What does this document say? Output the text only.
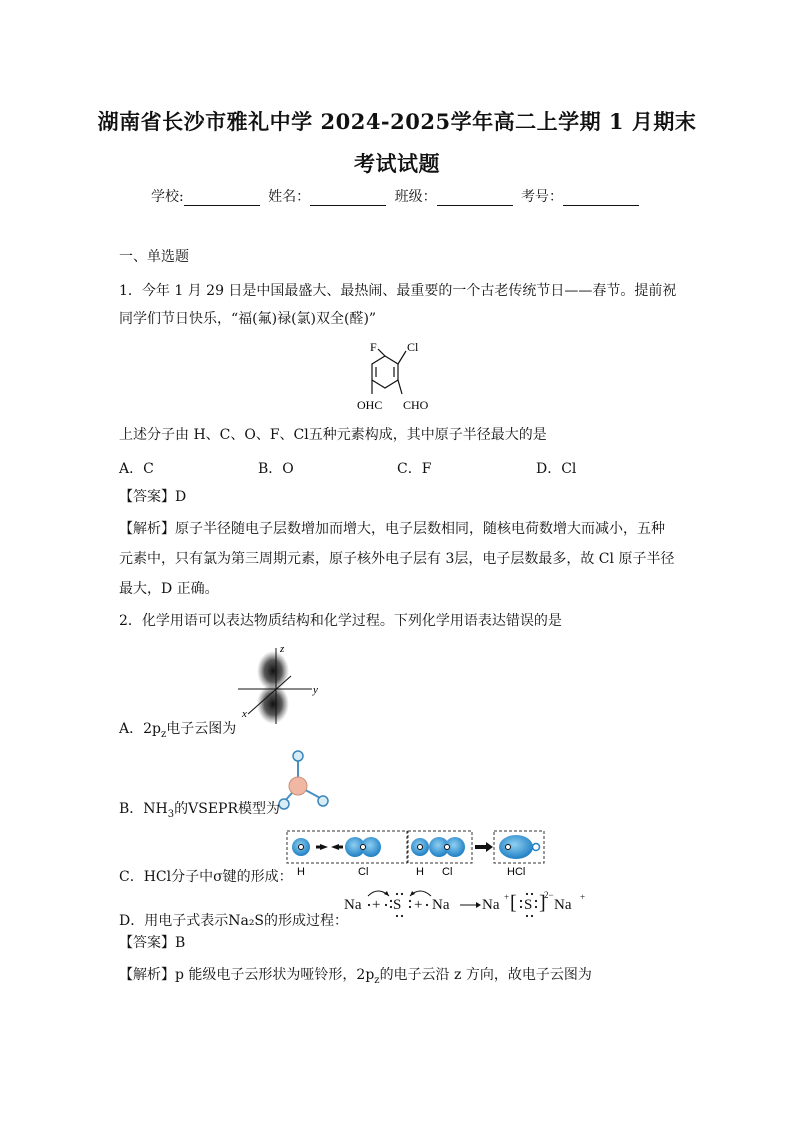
湖南省长沙市雅礼中学 2024-2025学年高二上学期 1 月期末
考试试题
学校:	姓名：	班级：	考号：
一、单选题
1．今年 1 月 29 日是中国最盛大、最热闹、最重要的一个古老传统节日——春节。提前祝
同学们节日快乐，“福(氟)禄(氯)双全(醛)”
F	Cl
OHC CHO
上述分子由 H、C、O、F、Cl五种元素构成，其中原子半径最大的是
A．C	B．O	C．F	D．Cl
【答案】D
【解析】原子半径随电子层数增加而增大，电子层数相同，随核电荷数增大而减小，五种
元素中，只有氯为第三周期元素，原子核外电子层有 3层，电子层数最多，故 Cl 原子半径
最大，D 正确。
2．化学用语可以表达物质结构和化学过程。下列化学用语表达错误的是
z
y
x
A．$2p_z$电子云图为
B．$NH_3$的VSEPR模型为
H	Cl	H Cl	HCl
C．HCl分子中σ键的形成：
Na + S + Na Na [ S ] Na
+	2−	+
D．用电子式表示Na₂S的形成过程：
【答案】B
【解析】p 能级电子云形状为哑铃形，$2p_z$的电子云沿 z 方向，故电子云图为
